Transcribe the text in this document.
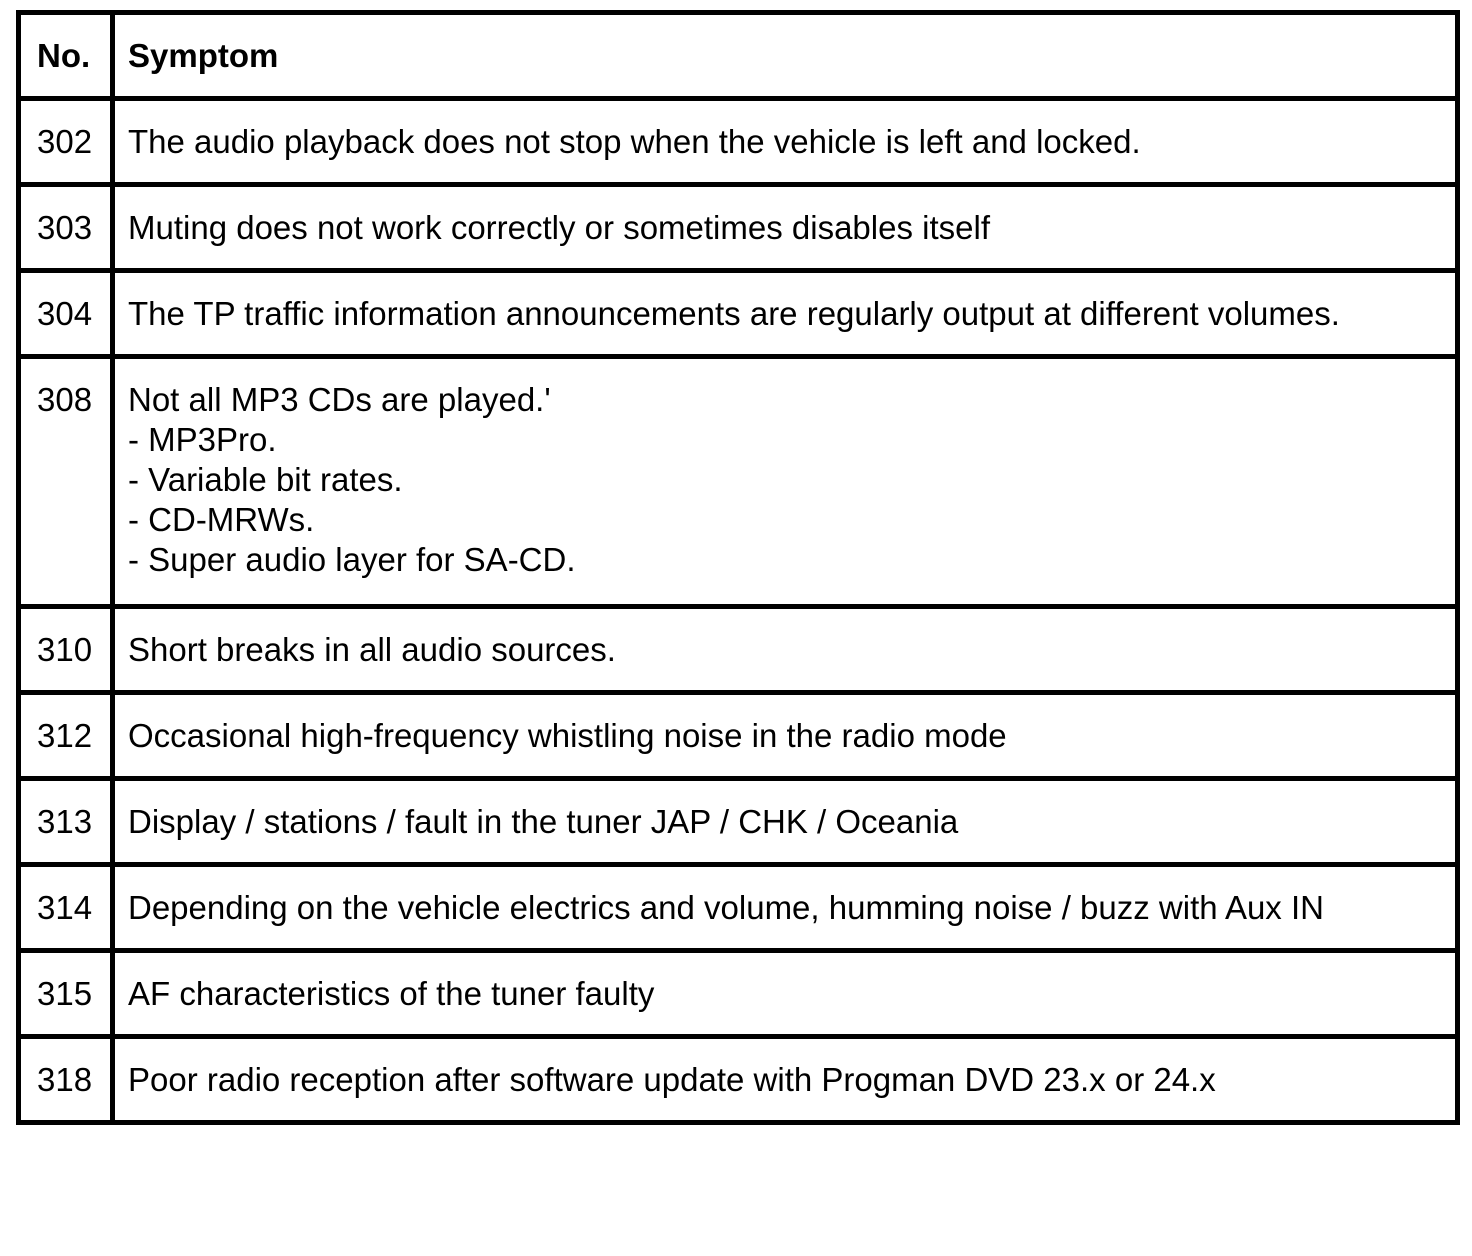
No.	Symptom
302	The audio playback does not stop when the vehicle is left and locked.
303	Muting does not work correctly or sometimes disables itself
304	The TP traffic information announcements are regularly output at different volumes.
308	Not all MP3 CDs are played.'
- MP3Pro.
- Variable bit rates.
- CD-MRWs.
- Super audio layer for SA-CD.

310	Short breaks in all audio sources.
312	Occasional high-frequency whistling noise in the radio mode
313	Display / stations / fault in the tuner JAP / CHK / Oceania
314	Depending on the vehicle electrics and volume, humming noise / buzz with Aux IN
315	AF characteristics of the tuner faulty
318	Poor radio reception after software update with Progman DVD 23.x or 24.x
